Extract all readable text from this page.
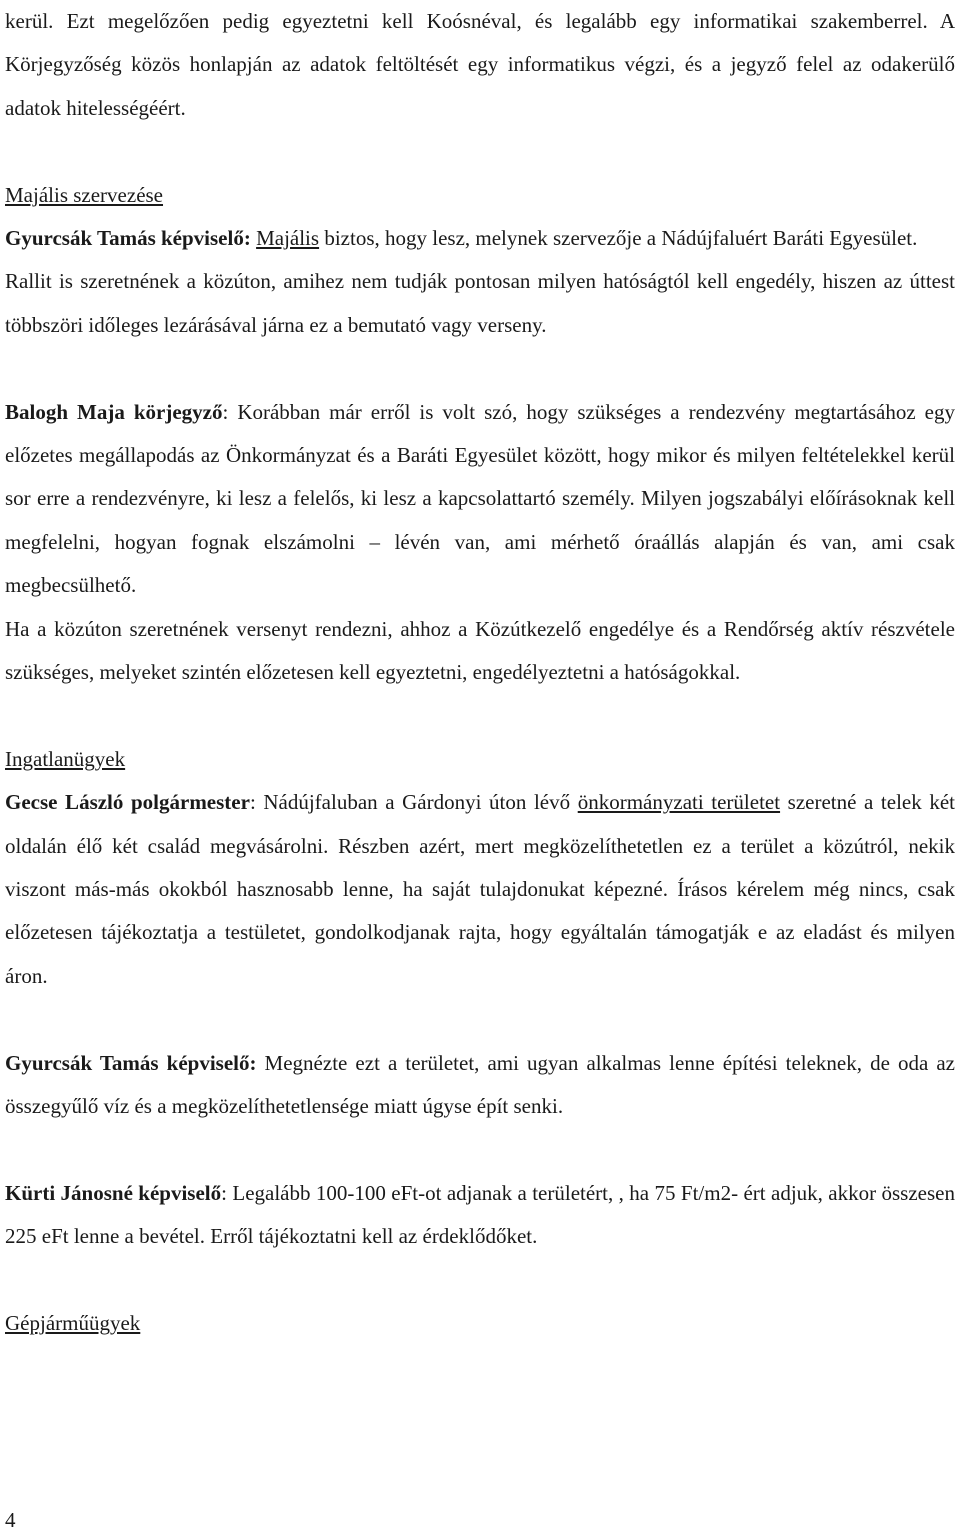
kerül. Ezt megelőzően pedig egyeztetni kell Koósnéval, és legalább egy informatikai szakemberrel. A Körjegyzőség közös honlapján az adatok feltöltését egy informatikus végzi, és a jegyző felel az odakerülő adatok hitelességéért.

Majális szervezése

Gyurcsák Tamás képviselő: Majális biztos, hogy lesz, melynek szervezője a Nádújfaluért Baráti Egyesület.

Rallit is szeretnének a közúton, amihez nem tudják pontosan milyen hatóságtól kell engedély, hiszen az úttest többszöri időleges lezárásával járna ez a bemutató vagy verseny.

Balogh Maja körjegyző: Korábban már erről is volt szó, hogy szükséges a rendezvény megtartásához egy előzetes megállapodás az Önkormányzat és a Baráti Egyesület között, hogy mikor és milyen feltételekkel kerül sor erre a rendezvényre, ki lesz a felelős, ki lesz a kapcsolattartó személy. Milyen jogszabályi előírásoknak kell megfelelni, hogyan fognak elszámolni – lévén van, ami mérhető óraállás alapján és van, ami csak megbecsülhető.

Ha a közúton szeretnének versenyt rendezni, ahhoz a Közútkezelő engedélye és a Rendőrség aktív részvétele szükséges, melyeket szintén előzetesen kell egyeztetni, engedélyeztetni a hatóságokkal.

Ingatlanügyek

Gecse László polgármester: Nádújfaluban a Gárdonyi úton lévő önkormányzati területet szeretné a telek két oldalán élő két család megvásárolni. Részben azért, mert megközelíthetetlen ez a terület a közútról, nekik viszont más-más okokból hasznosabb lenne, ha saját tulajdonukat képezné. Írásos kérelem még nincs, csak előzetesen tájékoztatja a testületet, gondolkodjanak rajta, hogy egyáltalán támogatják e az eladást és milyen áron.

Gyurcsák Tamás képviselő: Megnézte ezt a területet, ami ugyan alkalmas lenne építési teleknek, de oda az összegyűlő víz és a megközelíthetetlensége miatt úgyse épít senki.

Kürti Jánosné képviselő: Legalább 100-100 eFt-ot adjanak a területért, , ha 75 Ft/m2- ért adjuk, akkor összesen 225 eFt lenne a bevétel. Erről tájékoztatni kell az érdeklődőket.

Gépjárműügyek

4
